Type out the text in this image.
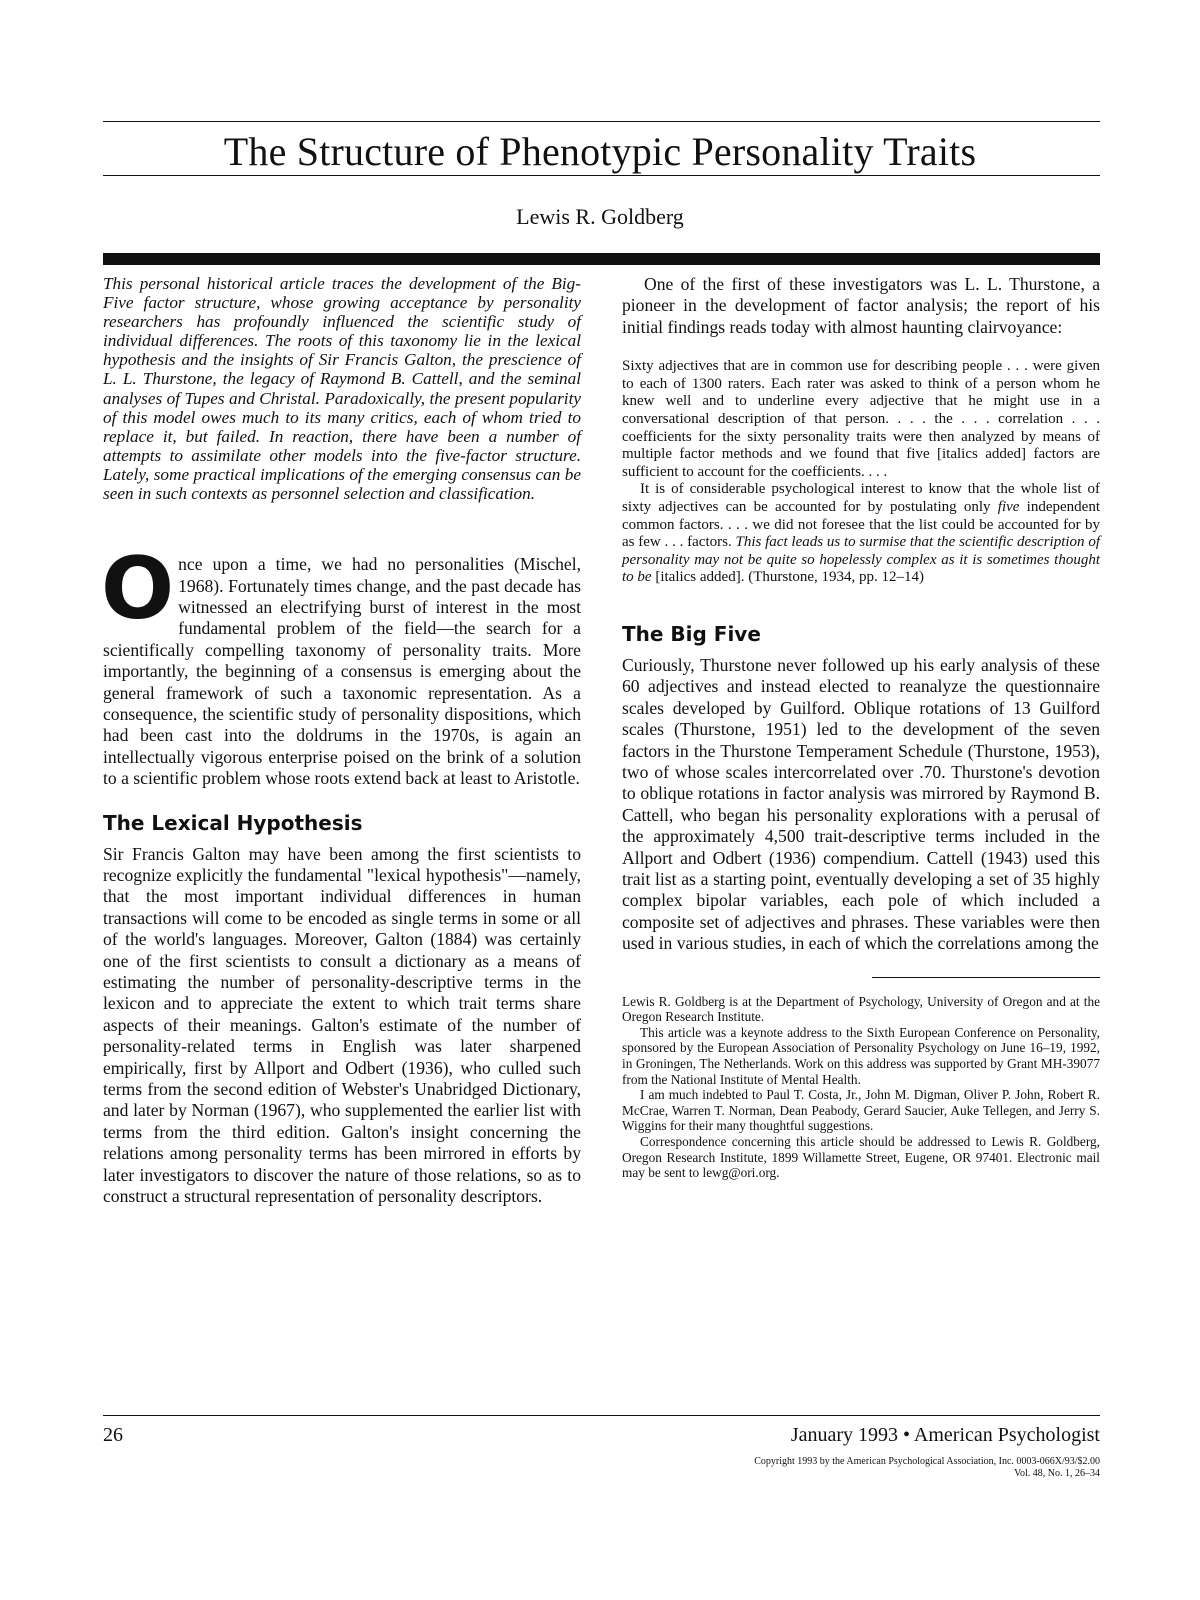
The Structure of Phenotypic Personality Traits
Lewis R. Goldberg

This personal historical article traces the development of the Big-Five factor structure, whose growing acceptance by personality researchers has profoundly influenced the scientific study of individual differences. The roots of this taxonomy lie in the lexical hypothesis and the insights of Sir Francis Galton, the prescience of L. L. Thurstone, the legacy of Raymond B. Cattell, and the seminal analyses of Tupes and Christal. Paradoxically, the present popularity of this model owes much to its many critics, each of whom tried to replace it, but failed. In reaction, there have been a number of attempts to assimilate other models into the five-factor structure. Lately, some practical implications of the emerging consensus can be seen in such contexts as personnel selection and classification.

O nce upon a time, we had no personalities (Mischel, 1968). Fortunately times change, and the past decade has witnessed an electrifying burst of interest in the most fundamental problem of the field—the search for a scientifically compelling taxonomy of personality traits. More importantly, the beginning of a consensus is emerging about the general framework of such a taxonomic representation. As a consequence, the scientific study of personality dispositions, which had been cast into the doldrums in the 1970s, is again an intellectually vigorous enterprise poised on the brink of a solution to a scientific problem whose roots extend back at least to Aristotle.
The Lexical Hypothesis

Sir Francis Galton may have been among the first scientists to recognize explicitly the fundamental "lexical hypothesis"—namely, that the most important individual differences in human transactions will come to be encoded as single terms in some or all of the world's languages. Moreover, Galton (1884) was certainly one of the first scientists to consult a dictionary as a means of estimating the number of personality-descriptive terms in the lexicon and to appreciate the extent to which trait terms share aspects of their meanings. Galton's estimate of the number of personality-related terms in English was later sharpened empirically, first by Allport and Odbert (1936), who culled such terms from the second edition of Webster's Unabridged Dictionary, and later by Norman (1967), who supplemented the earlier list with terms from the third edition. Galton's insight concerning the relations among personality terms has been mirrored in efforts by later investigators to discover the nature of those relations, so as to construct a structural representation of personality descriptors.

One of the first of these investigators was L. L. Thurstone, a pioneer in the development of factor analysis; the report of his initial findings reads today with almost haunting clairvoyance:

Sixty adjectives that are in common use for describing people . . . were given to each of 1300 raters. Each rater was asked to think of a person whom he knew well and to underline every adjective that he might use in a conversational description of that person. . . . the . . . correlation . . . coefficients for the sixty personality traits were then analyzed by means of multiple factor methods and we found that five [italics added] factors are sufficient to account for the coefficients. . . .

It is of considerable psychological interest to know that the whole list of sixty adjectives can be accounted for by postulating only five independent common factors. . . . we did not foresee that the list could be accounted for by as few . . . factors. This fact leads us to surmise that the scientific description of personality may not be quite so hopelessly complex as it is sometimes thought to be [italics added]. (Thurstone, 1934, pp. 12–14)

The Big Five

Curiously, Thurstone never followed up his early analysis of these 60 adjectives and instead elected to reanalyze the questionnaire scales developed by Guilford. Oblique rotations of 13 Guilford scales (Thurstone, 1951) led to the development of the seven factors in the Thurstone Temperament Schedule (Thurstone, 1953), two of whose scales intercorrelated over .70. Thurstone's devotion to oblique rotations in factor analysis was mirrored by Raymond B. Cattell, who began his personality explorations with a perusal of the approximately 4,500 trait-descriptive terms included in the Allport and Odbert (1936) compendium. Cattell (1943) used this trait list as a starting point, eventually developing a set of 35 highly complex bipolar variables, each pole of which included a composite set of adjectives and phrases. These variables were then used in various studies, in each of which the correlations among the

Lewis R. Goldberg is at the Department of Psychology, University of Oregon and at the Oregon Research Institute.

This article was a keynote address to the Sixth European Conference on Personality, sponsored by the European Association of Personality Psychology on June 16–19, 1992, in Groningen, The Netherlands. Work on this address was supported by Grant MH-39077 from the National Institute of Mental Health.

I am much indebted to Paul T. Costa, Jr., John M. Digman, Oliver P. John, Robert R. McCrae, Warren T. Norman, Dean Peabody, Gerard Saucier, Auke Tellegen, and Jerry S. Wiggins for their many thoughtful suggestions.

Correspondence concerning this article should be addressed to Lewis R. Goldberg, Oregon Research Institute, 1899 Willamette Street, Eugene, OR 97401. Electronic mail may be sent to lewg@ori.org.

26	January 1993 • American Psychologist
Copyright 1993 by the American Psychological Association, Inc. 0003-066X/93/$2.00
Vol. 48, No. 1, 26–34
